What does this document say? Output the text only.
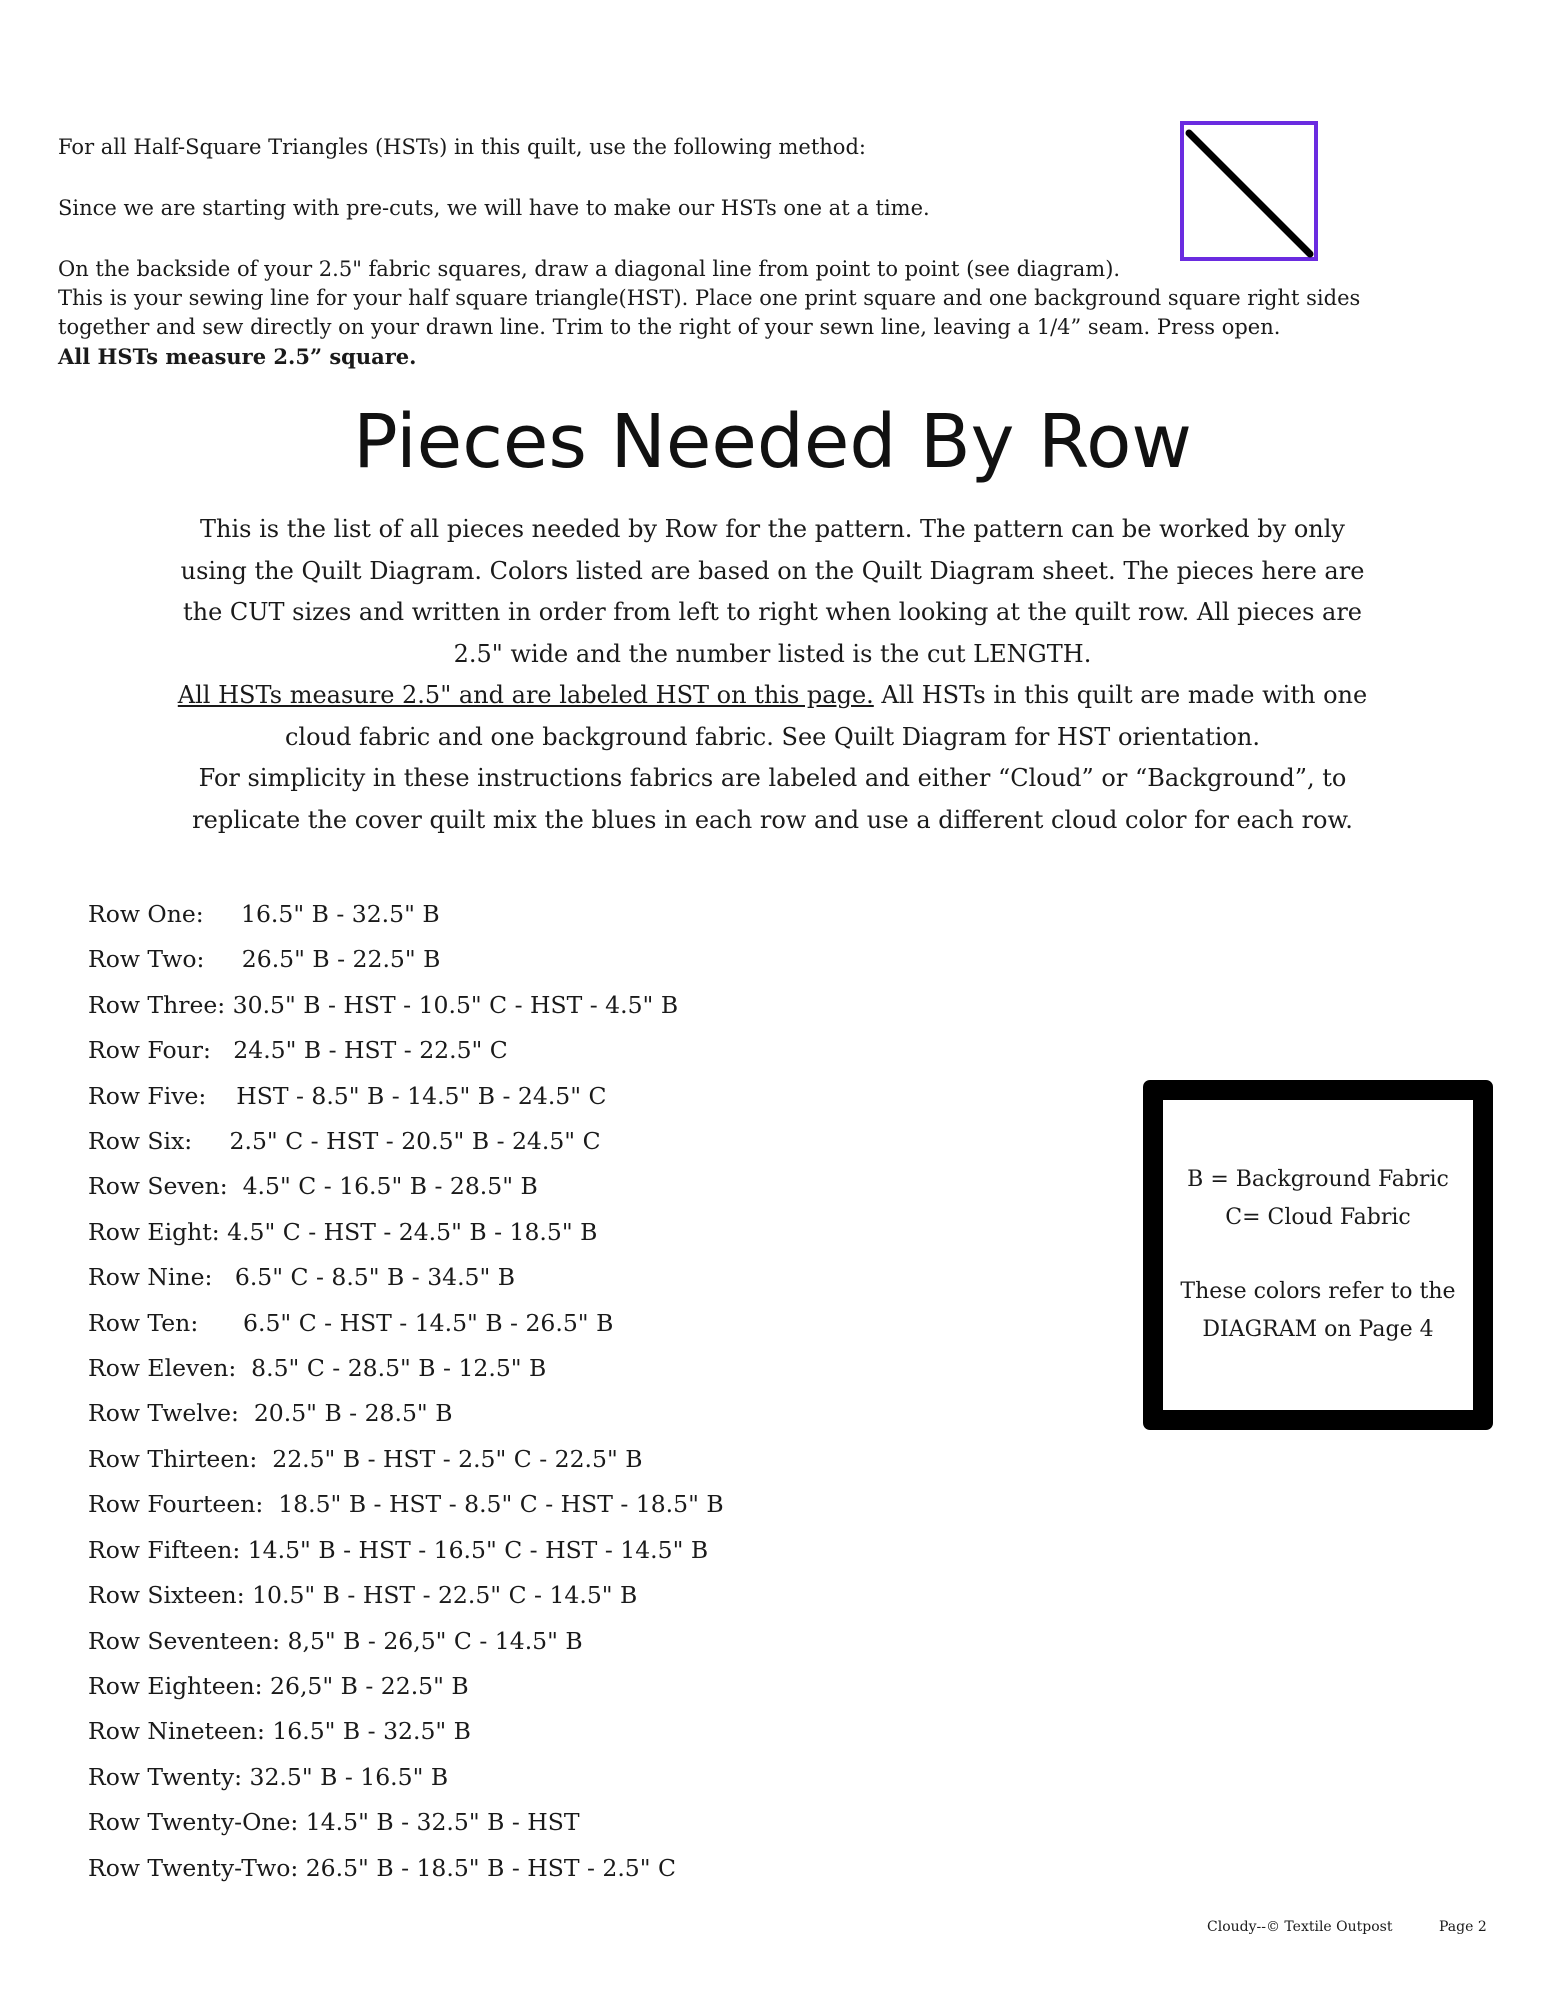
For all Half-Square Triangles (HSTs) in this quilt, use the following method:

Since we are starting with pre-cuts, we will have to make our HSTs one at a time.

On the backside of your 2.5" fabric squares, draw a diagonal line from point to point (see diagram).

This is your sewing line for your half square triangle(HST). Place one print square and one background square right sides

together and sew directly on your drawn line. Trim to the right of your sewn line, leaving a 1/4” seam. Press open.

All HSTs measure 2.5” square.

Pieces Needed By Row

This is the list of all pieces needed by Row for the pattern. The pattern can be worked by only

using the Quilt Diagram. Colors listed are based on the Quilt Diagram sheet. The pieces here are

the CUT sizes and written in order from left to right when looking at the quilt row. All pieces are

2.5" wide and the number listed is the cut LENGTH.

All HSTs measure 2.5" and are labeled HST on this page. All HSTs in this quilt are made with one

cloud fabric and one background fabric. See Quilt Diagram for HST orientation.

For simplicity in these instructions fabrics are labeled and either “Cloud” or “Background”, to

replicate the cover quilt mix the blues in each row and use a different cloud color for each row.

Row One:     16.5" B - 32.5" B
Row Two:     26.5" B - 22.5" B
Row Three: 30.5" B - HST - 10.5" C - HST - 4.5" B
Row Four:   24.5" B - HST - 22.5" C
Row Five:    HST - 8.5" B - 14.5" B - 24.5" C
Row Six:     2.5" C - HST - 20.5" B - 24.5" C
Row Seven:  4.5" C - 16.5" B - 28.5" B
Row Eight: 4.5" C - HST - 24.5" B - 18.5" B
Row Nine:   6.5" C - 8.5" B - 34.5" B
Row Ten:      6.5" C - HST - 14.5" B - 26.5" B
Row Eleven:  8.5" C - 28.5" B - 12.5" B
Row Twelve:  20.5" B - 28.5" B
Row Thirteen:  22.5" B - HST - 2.5" C - 22.5" B
Row Fourteen:  18.5" B - HST - 8.5" C - HST - 18.5" B
Row Fifteen: 14.5" B - HST - 16.5" C - HST - 14.5" B
Row Sixteen: 10.5" B - HST - 22.5" C - 14.5" B
Row Seventeen: 8,5" B - 26,5" C - 14.5" B
Row Eighteen: 26,5" B - 22.5" B
Row Nineteen: 16.5" B - 32.5" B
Row Twenty: 32.5" B - 16.5" B
Row Twenty-One: 14.5" B - 32.5" B - HST
Row Twenty-Two: 26.5" B - 18.5" B - HST - 2.5" C

B = Background Fabric

C= Cloud Fabric

These colors refer to the

DIAGRAM on Page 4

Cloudy--© Textile Outpost	Page 2
